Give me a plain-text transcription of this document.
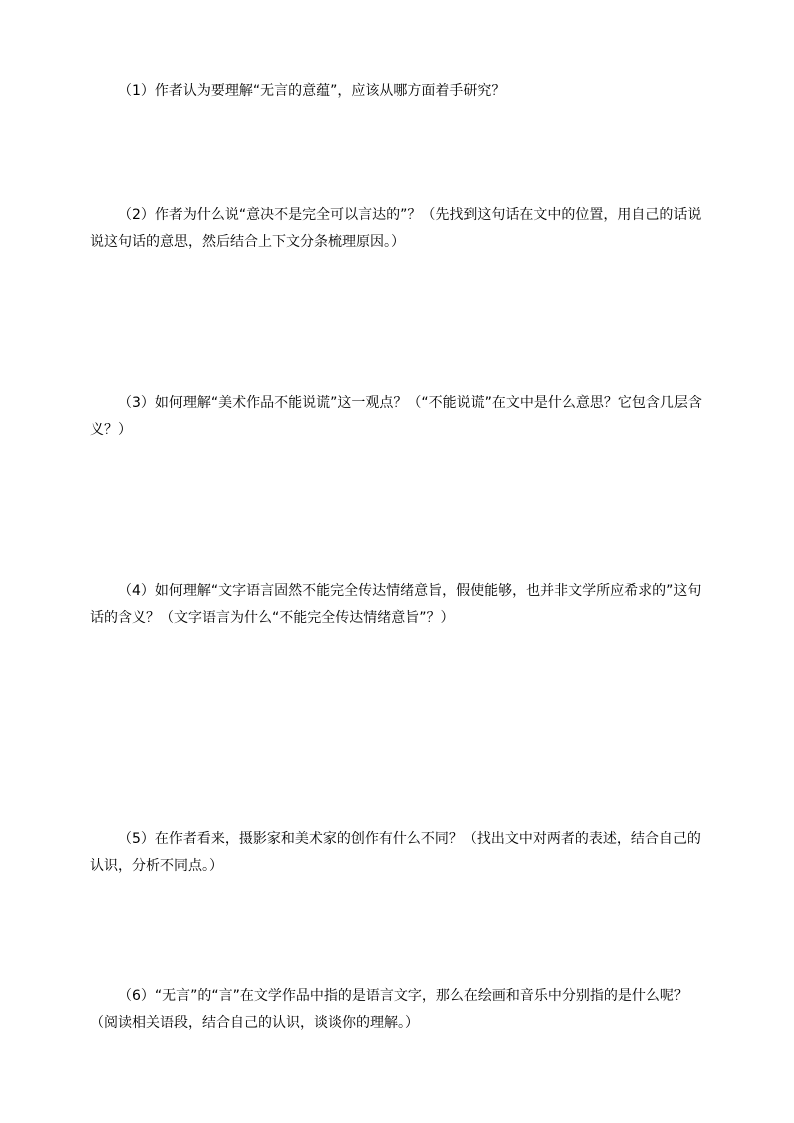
（1）作者认为要理解“无言的意蕴”，应该从哪方面着手研究？

（2）作者为什么说“意决不是完全可以言达的”？（先找到这句话在文中的位置，用自己的话说说这句话的意思，然后结合上下文分条梳理原因。）

（3）如何理解“美术作品不能说谎”这一观点？（“不能说谎”在文中是什么意思？它包含几层含义？）

（4）如何理解“文字语言固然不能完全传达情绪意旨，假使能够，也并非文学所应希求的”这句话的含义？（文字语言为什么“不能完全传达情绪意旨”？）

（5）在作者看来，摄影家和美术家的创作有什么不同？（找出文中对两者的表述，结合自己的认识，分析不同点。）

（6）“无言”的“言”在文学作品中指的是语言文字，那么在绘画和音乐中分别指的是什么呢？（阅读相关语段，结合自己的认识，谈谈你的理解。）
